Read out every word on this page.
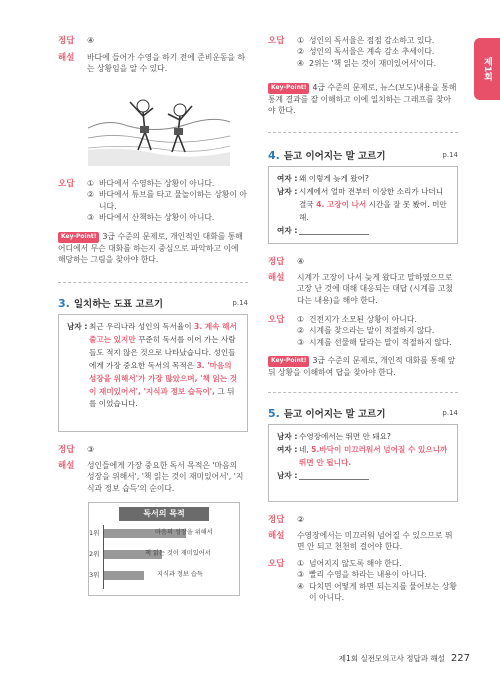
제1회
정답 ④
해설 바다에 들어가 수영을 하기 전에 준비운동을 하는 상황임을 알 수 있다.
오답 ① 바다에서 수영하는 상황이 아니다.
② 바다에서 튜브를 타고 물놀이하는 상황이 아니다.
③ 바다에서 산책하는 상황이 아니다.
Key-Point! 3급 수준의 문제로, 개인적인 대화를 통해 어디에서 무슨 대화를 하는지 중심으로 파악하고 이에 해당하는 그림을 찾아야 한다.
3. 일치하는 도표 고르기	p.14
남자 : 최근 우리나라 성인의 독서율이 3. 계속 해서 줄고는 있지만 꾸준히 독서를 이어 가는 사람들도 적지 않은 것으로 나타났습니다. 성인들에게 가장 중요한 독서의 목적은 3. '마음의 성장을 위해서'가 가장 많았으며, '책 읽는 것이 재미있어서', '지식과 정보 습득이', 그 뒤를 이었습니다.
정답 ③
해설 성인들에게 가장 중요한 독서 목적은 '마음의 성장을 위해서', '책 읽는 것이 재미있어서', '지식과 정보 습득'의 순이다.
독서의 목적
1위	마음의 성장을 위해서
2위	책 읽는 것이 재미있어서
3위	지식과 정보 습득
오답 ① 성인의 독서율은 점점 감소하고 있다.
② 성인의 독서율은 계속 감소 추세이다.
④ 2위는 '책 읽는 것이 재미있어서'이다.
Key-Point! 4급 수준의 문제로, 뉴스(보도)내용을 통해 통계 결과를 잘 이해하고 이에 일치하는 그래프를 찾아야 한다.
4. 듣고 이어지는 말 고르기	p.14
여자 : 왜 이렇게 늦게 왔어?
남자 : 시계에서 얼마 전부터 이상한 소리가 나더니 결국 4. 고장이 나서 시간을 잘 못 봤어. 미안해.
여자 :
정답 ④
해설 시계가 고장이 나서 늦게 왔다고 말하였으므로 고장 난 것에 대해 대응되는 대답 (시계를 고쳤다는 내용)을 해야 한다.
오답 ① 건전지가 소모된 상황이 아니다.
② 시계를 찾으라는 말이 적절하지 않다.
③ 시계를 선물해 달라는 말이 적절하지 않다.
Key-Point! 3급 수준의 문제로, 개인적 대화를 통해 앞뒤 상황을 이해하여 답을 찾아야 한다.
5. 듣고 이어지는 말 고르기	p.14
남자 : 수영장에서는 뛰면 안 돼요?
여자 : 네, 5.바닥이 미끄러워서 넘어질 수 있으니까 뛰면 안 됩니다.
남자 :
정답 ②
해설 수영장에서는 미끄러워 넘어질 수 있으므로 뛰면 안 되고 천천히 걸어야 한다.
오답 ① 넘어지지 않도록 해야 한다.
③ 빨리 수영을 하라는 내용이 아니다.
④ 다치면 어떻게 하면 되는지를 물어보는 상황이 아니다.
제1회 실전모의고사 정답과 해설 227
